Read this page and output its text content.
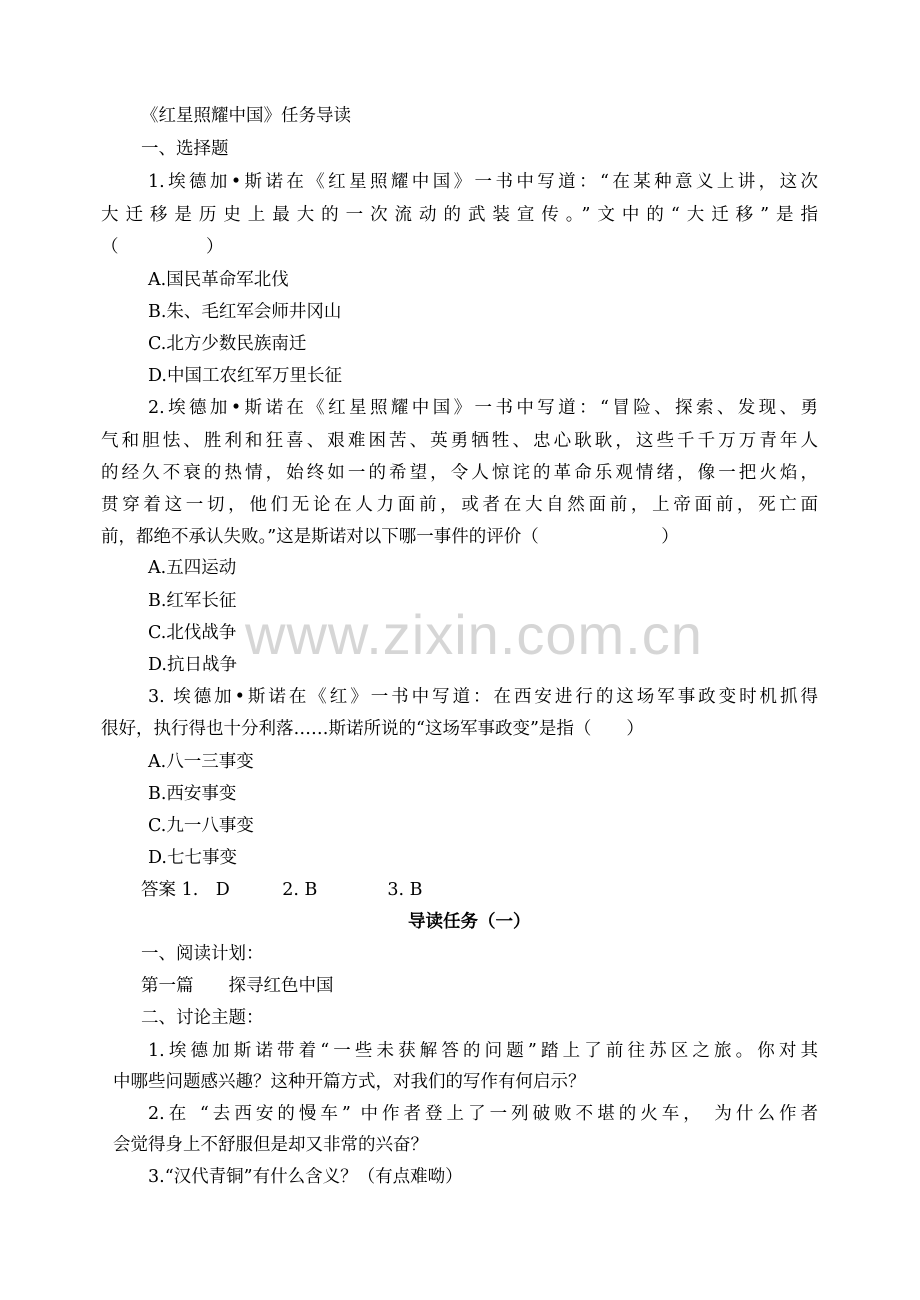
www.zixin.com.cn
《红星照耀中国》任务导读
一、选择题
1.埃德加•斯诺在《红星照耀中国》一书中写道：“在某种意义上讲，这次
大迁移是历史上最大的一次流动的武装宣传。”文中的“大迁移”是指
（　　　　　）
A.国民革命军北伐
B.朱、毛红军会师井冈山
C.北方少数民族南迁
D.中国工农红军万里长征
2.埃德加•斯诺在《红星照耀中国》一书中写道：“冒险、探索、发现、勇
气和胆怯、胜利和狂喜、艰难困苦、英勇牺牲、忠心耿耿，这些千千万万青年人
的经久不衰的热情，始终如一的希望，令人惊诧的革命乐观情绪，像一把火焰，
贯穿着这一切，他们无论在人力面前，或者在大自然面前，上帝面前，死亡面
前，都绝不承认失败。”这是斯诺对以下哪一事件的评价（　　　　　　　）
A.五四运动
B.红军长征
C.北伐战争
D.抗日战争
3. 埃德加•斯诺在《红》一书中写道：在西安进行的这场军事政变时机抓得
很好，执行得也十分利落……斯诺所说的“这场军事政变”是指（　　）
A.八一三事变
B.西安事变
C.九一八事变
D.七七事变
答案 1.　D　　　2. B　　　　3. B
导读任务（一）
一、阅读计划：
第一篇　　探寻红色中国
二、讨论主题：
1.埃德加斯诺带着“一些未获解答的问题”踏上了前往苏区之旅。你对其
中哪些问题感兴趣？这种开篇方式，对我们的写作有何启示？
2.在 “去西安的慢车” 中作者登上了一列破败不堪的火车， 为什么作者
会觉得身上不舒服但是却又非常的兴奋？
3.“汉代青铜”有什么含义？（有点难呦）
